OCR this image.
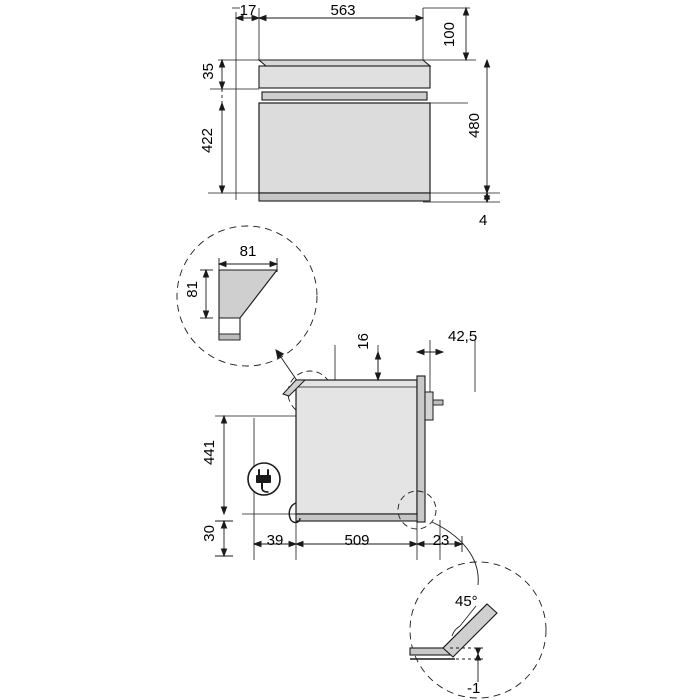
17	563
100
35
422
480
4
81
81
16	42,5
441
30	39	509	23
45°
-1
